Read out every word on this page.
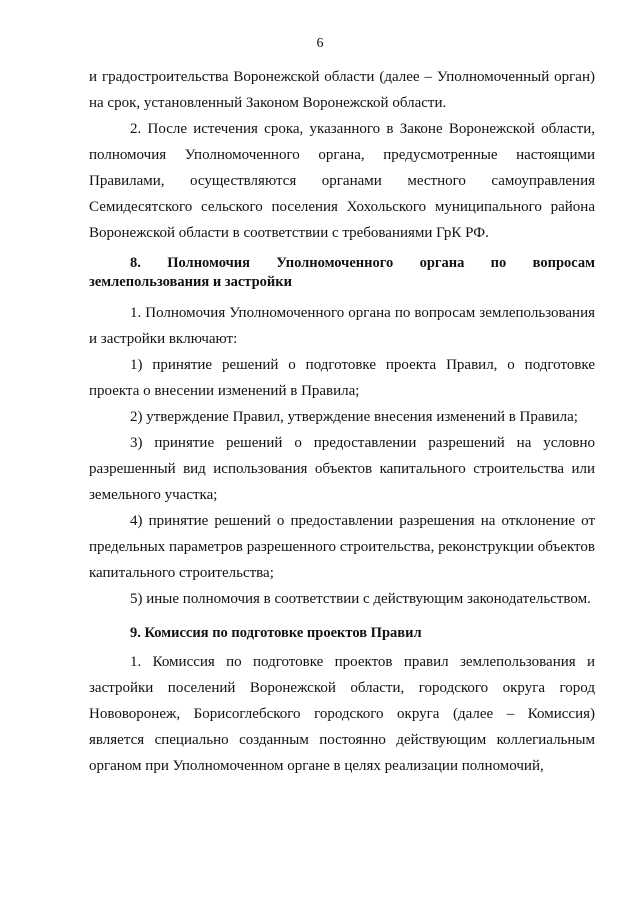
6

и градостроительства Воронежской области (далее – Уполномоченный орган) на срок, установленный Законом Воронежской области.

2. После истечения срока, указанного в Законе Воронежской области, полномочия Уполномоченного органа, предусмотренные настоящими Правилами, осуществляются органами местного самоуправления Семидесятского сельского поселения Хохольского муниципального района Воронежской области в соответствии с требованиями ГрК РФ.

8. Полномочия Уполномоченного органа по вопросам землепользования и застройки

1. Полномочия Уполномоченного органа по вопросам землепользования и застройки включают:

1) принятие решений о подготовке проекта Правил, о подготовке проекта о внесении изменений в Правила;

2) утверждение Правил, утверждение внесения изменений в Правила;

3) принятие решений о предоставлении разрешений на условно разрешенный вид использования объектов капитального строительства или земельного участка;

4) принятие решений о предоставлении разрешения на отклонение от предельных параметров разрешенного строительства, реконструкции объектов капитального строительства;

5) иные полномочия в соответствии с действующим законодательством.

9. Комиссия по подготовке проектов Правил

1. Комиссия по подготовке проектов правил землепользования и застройки поселений Воронежской области, городского округа город Нововоронеж, Борисоглебского городского округа (далее – Комиссия) является специально созданным постоянно действующим коллегиальным органом при Уполномоченном органе в целях реализации полномочий,
